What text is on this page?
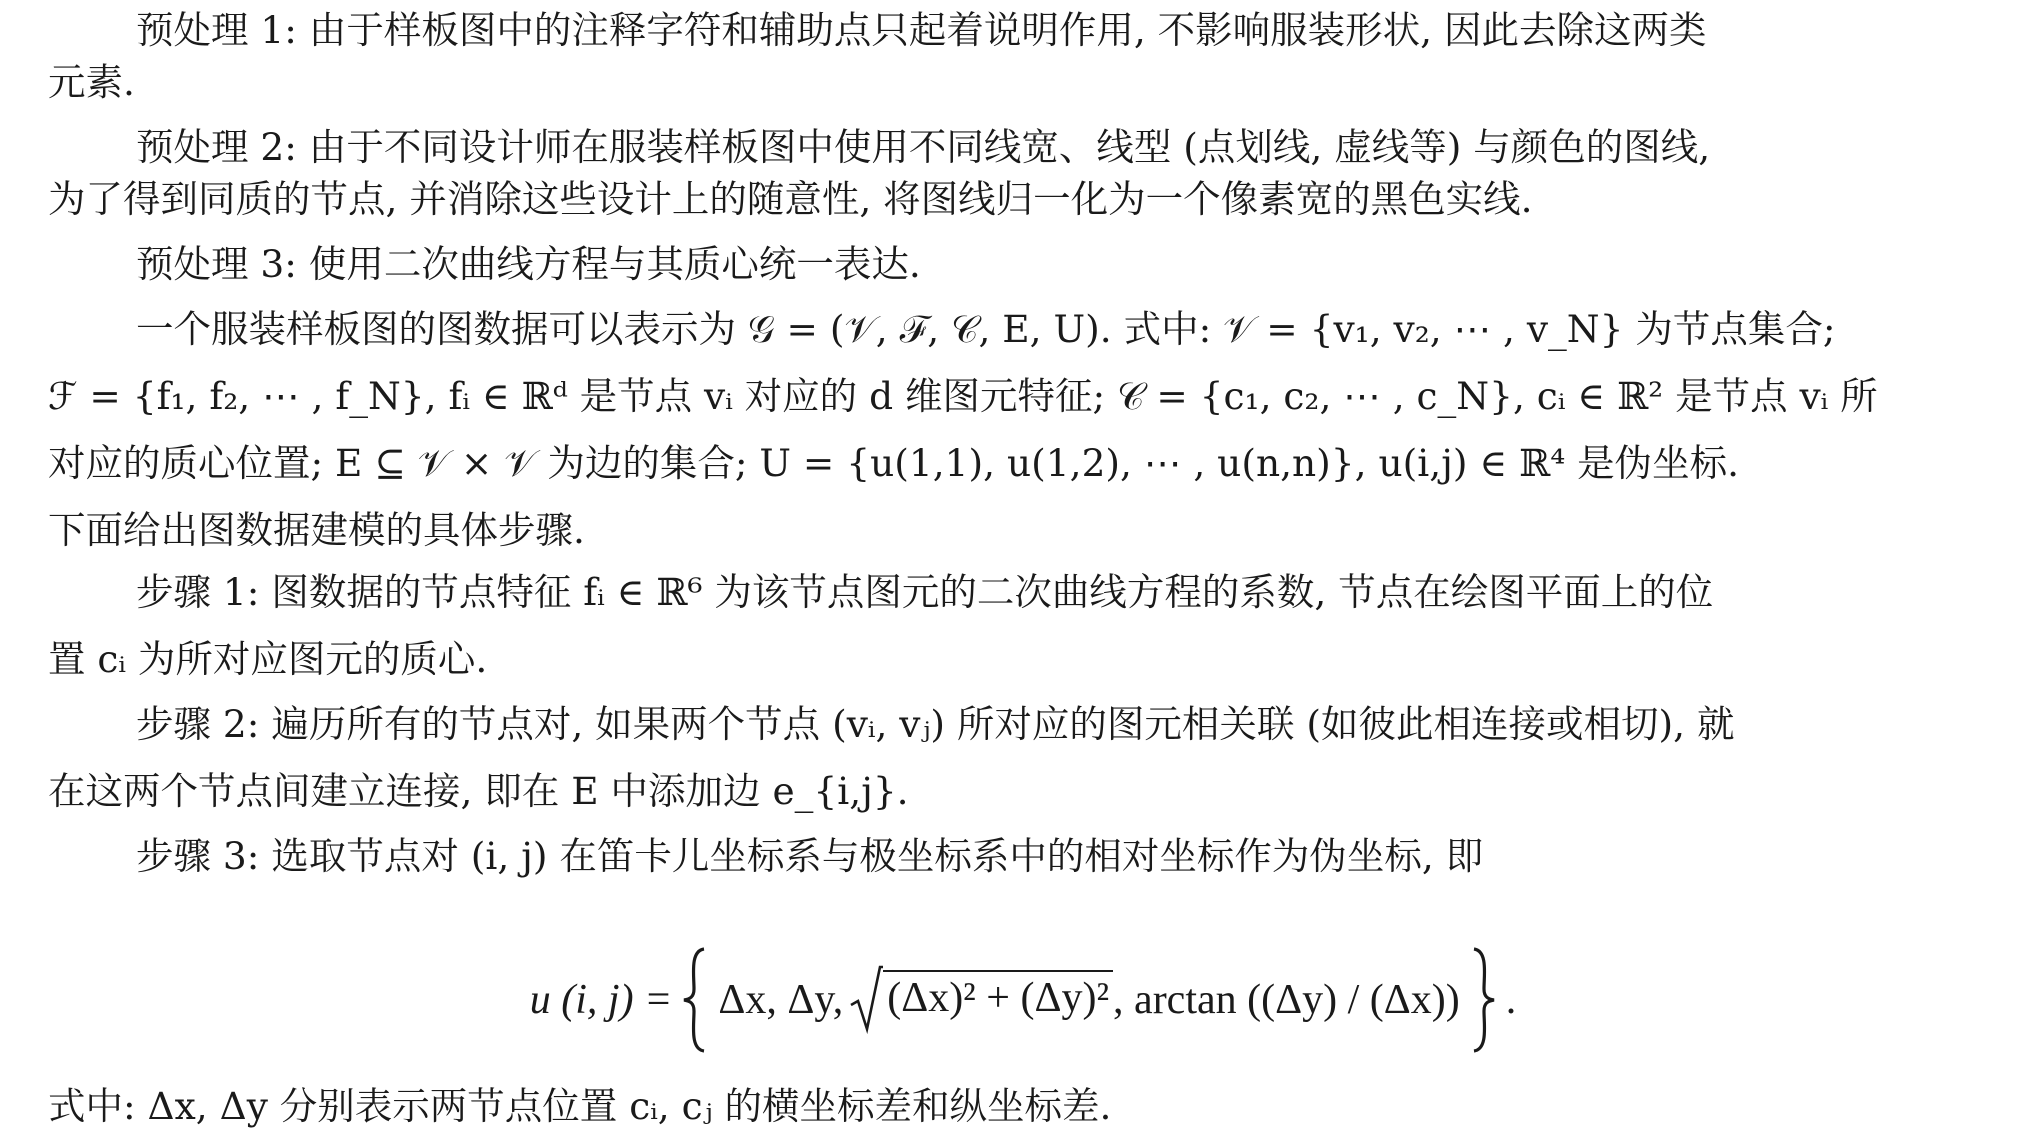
预处理 1: 由于样板图中的注释字符和辅助点只起着说明作用, 不影响服装形状, 因此去除这两类
元素.
预处理 2: 由于不同设计师在服装样板图中使用不同线宽、线型 (点划线, 虚线等) 与颜色的图线,
为了得到同质的节点, 并消除这些设计上的随意性, 将图线归一化为一个像素宽的黑色实线.
预处理 3: 使用二次曲线方程与其质心统一表达.
一个服装样板图的图数据可以表示为 𝒢 = (𝒱, ℱ, 𝒞, E, U). 式中: 𝒱 = {v₁, v₂, ⋯ , v_N} 为节点集合;
ℱ = {f₁, f₂, ⋯ , f_N}, fᵢ ∈ ℝᵈ 是节点 vᵢ 对应的 d 维图元特征; 𝒞 = {c₁, c₂, ⋯ , c_N}, cᵢ ∈ ℝ² 是节点 vᵢ 所
对应的质心位置; E ⊆ 𝒱 × 𝒱 为边的集合; U = {u(1,1), u(1,2), ⋯ , u(n,n)}, u(i,j) ∈ ℝ⁴ 是伪坐标.
下面给出图数据建模的具体步骤.
步骤 1: 图数据的节点特征 fᵢ ∈ ℝ⁶ 为该节点图元的二次曲线方程的系数, 节点在绘图平面上的位
置 cᵢ 为所对应图元的质心.
步骤 2: 遍历所有的节点对, 如果两个节点 (vᵢ, vⱼ) 所对应的图元相关联 (如彼此相连接或相切), 就
在这两个节点间建立连接, 即在 E 中添加边 e_{i,j}.
步骤 3: 选取节点对 (i, j) 在笛卡儿坐标系与极坐标系中的相对坐标作为伪坐标, 即
u (i, j) = Δx, Δy, (Δx)² + (Δy)² , arctan ((Δy) / (Δx)) .
式中: Δx, Δy 分别表示两节点位置 cᵢ, cⱼ 的横坐标差和纵坐标差.
